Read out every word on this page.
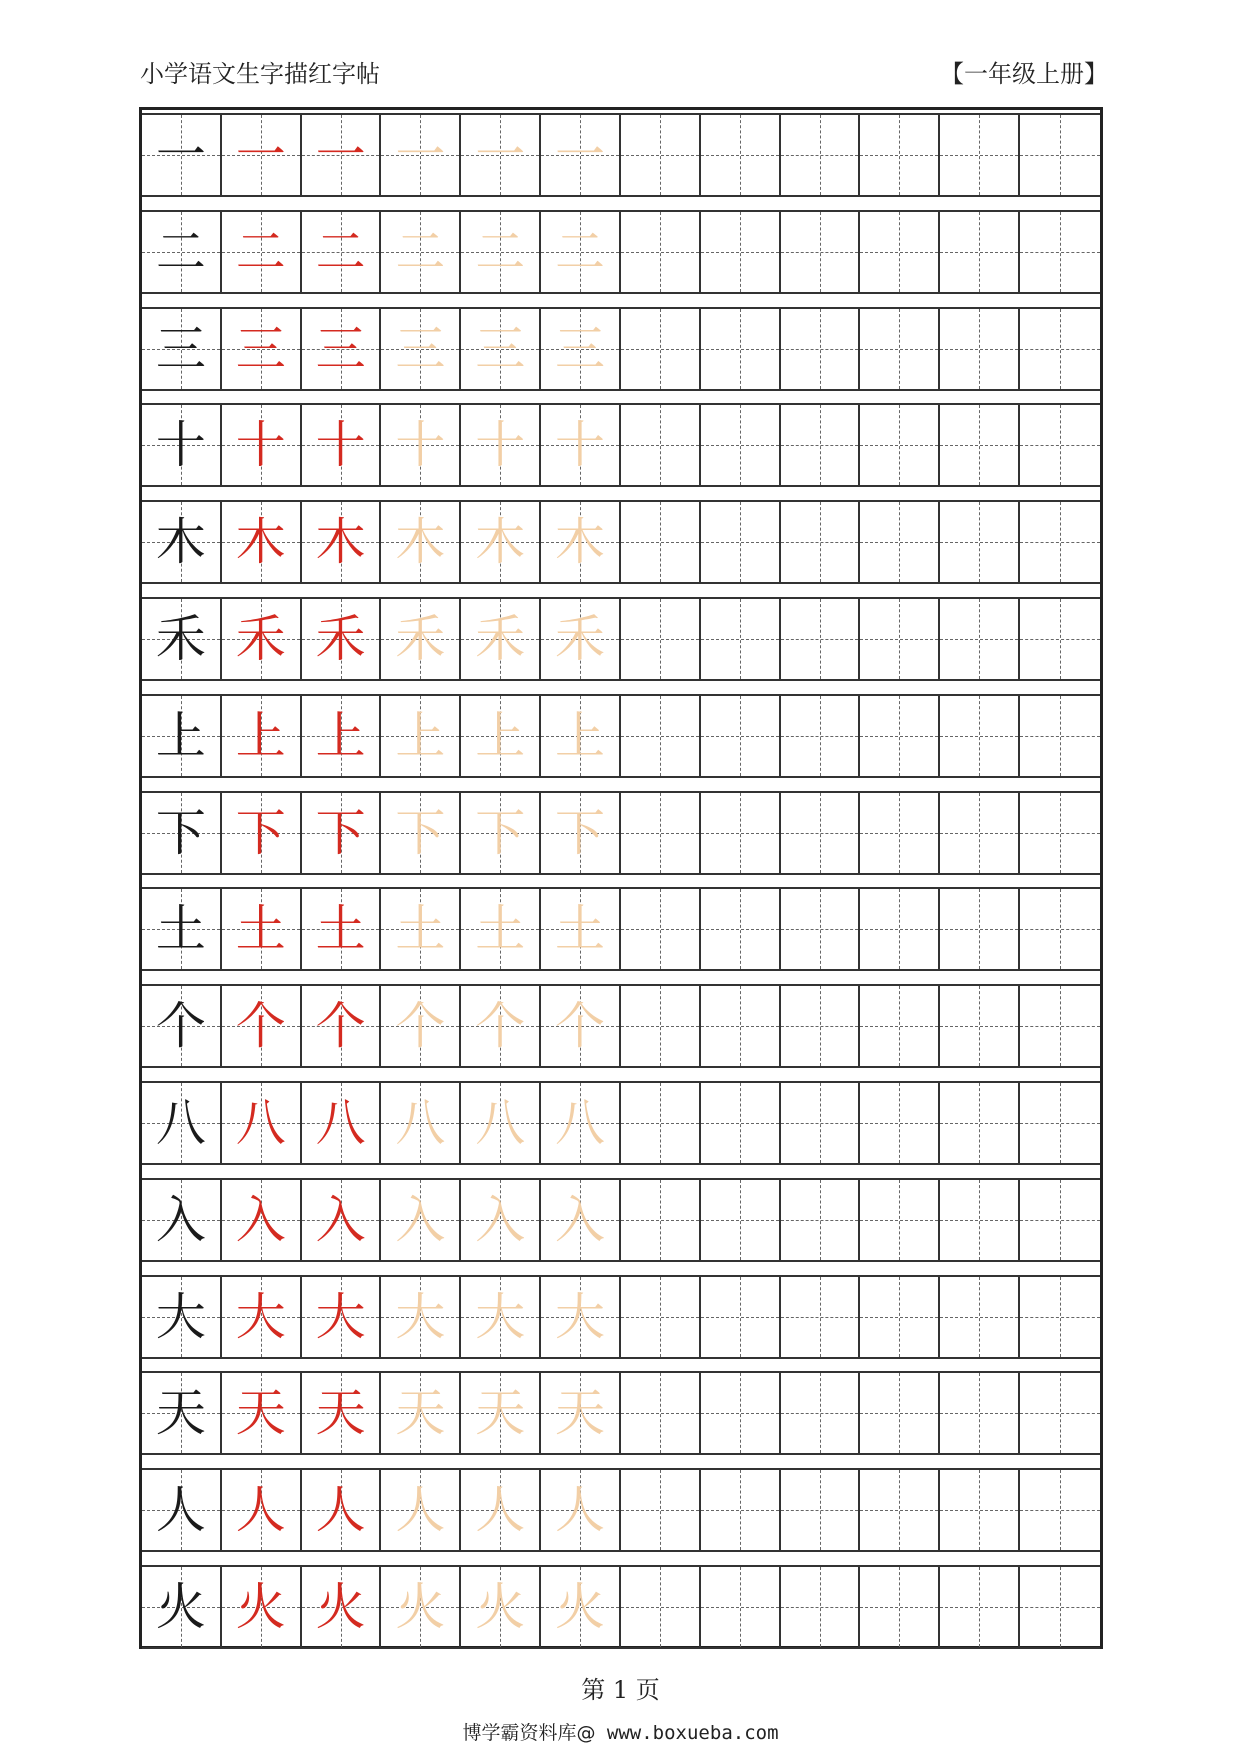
小学语文生字描红字帖	【一年级上册】
一 一 一 一 一 一
二 二 二 二 二 二
三 三 三 三 三 三
十 十 十 十 十 十
木 木 木 木 木 木
禾 禾 禾 禾 禾 禾
上 上 上 上 上 上
下 下 下 下 下 下
土 土 土 土 土 土
个 个 个 个 个 个
八 八 八 八 八 八
入 入 入 入 入 入
大 大 大 大 大 大
天 天 天 天 天 天
人 人 人 人 人 人
火 火 火 火 火 火
第 1 页
博学霸资料库@ www.boxueba.com
